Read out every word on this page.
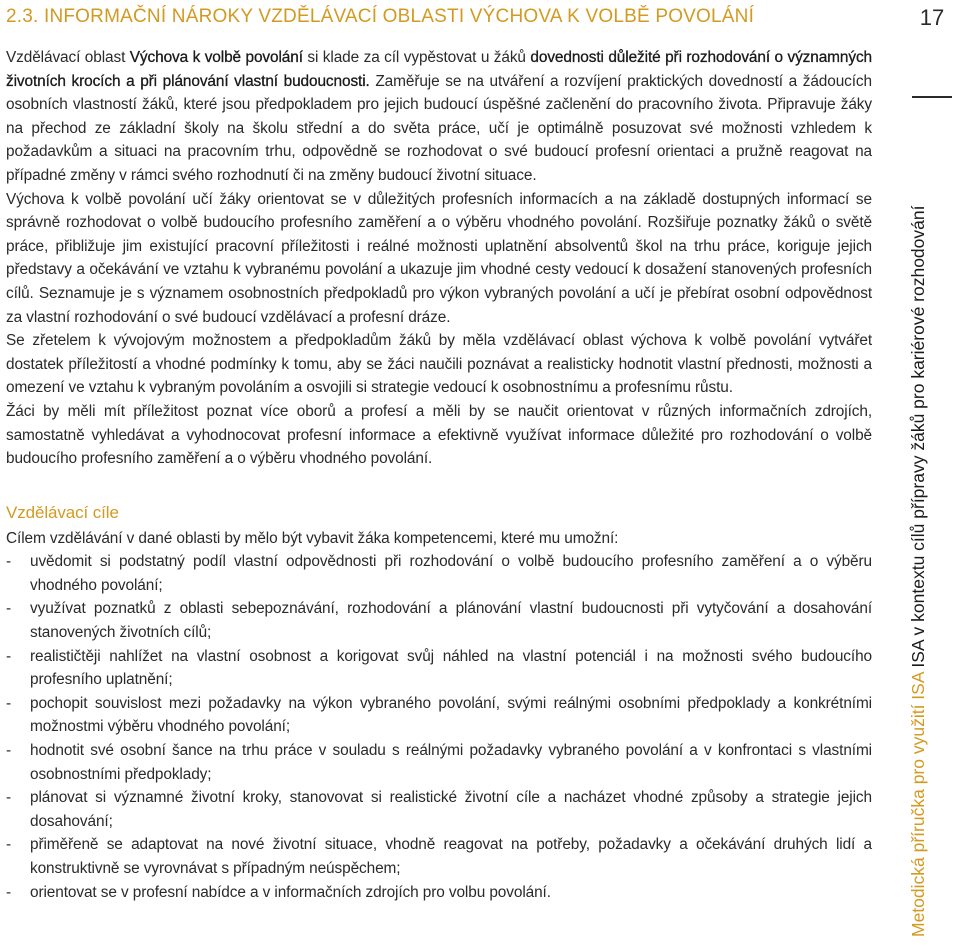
2.3. INFORMAČNÍ NÁROKY VZDĚLÁVACÍ OBLASTI VÝCHOVA K VOLBĚ POVOLÁNÍ

Vzdělávací oblast Výchova k volbě povolání si klade za cíl vypěstovat u žáků dovednosti důležité při rozhodování o významných životních krocích a při plánování vlastní budoucnosti. Zaměřuje se na utváření a rozvíjení praktických dovedností a žádoucích osobních vlastností žáků, které jsou předpokladem pro jejich budoucí úspěšné začlenění do pracovního života. Připravuje žáky na přechod ze základní školy na školu střední a do světa práce, učí je optimálně posuzovat své možnosti vzhledem k požadavkům a situaci na pracovním trhu, odpovědně se rozhodovat o své budoucí profesní orientaci a pružně reagovat na případné změny v rámci svého rozhodnutí či na změny budoucí životní situace.

Výchova k volbě povolání učí žáky orientovat se v důležitých profesních informacích a na základě dostupných informací se správně rozhodovat o volbě budoucího profesního zaměření a o výběru vhodného povolání. Rozšiřuje poznatky žáků o světě práce, přibližuje jim existující pracovní příležitosti i reálné možnosti uplatnění absolventů škol na trhu práce, koriguje jejich představy a očekávání ve vztahu k vybranému povolání a ukazuje jim vhodné cesty vedoucí k dosažení stanovených profesních cílů. Seznamuje je s významem osobnostních předpokladů pro výkon vybraných povolání a učí je přebírat osobní odpovědnost za vlastní rozhodování o své budoucí vzdělávací a profesní dráze.

Se zřetelem k vývojovým možnostem a předpokladům žáků by měla vzdělávací oblast výchova k volbě povolání vytvářet dostatek příležitostí a vhodné podmínky k tomu, aby se žáci naučili poznávat a realisticky hodnotit vlastní přednosti, možnosti a omezení ve vztahu k vybraným povoláním a osvojili si strategie vedoucí k osobnostnímu a profesnímu růstu.

Žáci by měli mít příležitost poznat více oborů a profesí a měli by se naučit orientovat v různých informačních zdrojích, samostatně vyhledávat a vyhodnocovat profesní informace a efektivně využívat informace důležité pro rozhodování o volbě budoucího profesního zaměření a o výběru vhodného povolání.

Vzdělávací cíle

Cílem vzdělávání v dané oblasti by mělo být vybavit žáka kompetencemi, které mu umožní:

- uvědomit si podstatný podíl vlastní odpovědnosti při rozhodování o volbě budoucího profesního zaměření a o výběru vhodného povolání;
- využívat poznatků z oblasti sebepoznávání, rozhodování a plánování vlastní budoucnosti při vytyčování a dosahování stanovených životních cílů;
- realističtěji nahlížet na vlastní osobnost a korigovat svůj náhled na vlastní potenciál i na možnosti svého budoucího profesního uplatnění;
- pochopit souvislost mezi požadavky na výkon vybraného povolání, svými reálnými osobními předpoklady a konkrétními možnostmi výběru vhodného povolání;
- hodnotit své osobní šance na trhu práce v souladu s reálnými požadavky vybraného povolání a v konfrontaci s vlastními osobnostními předpoklady;
- plánovat si významné životní kroky, stanovovat si realistické životní cíle a nacházet vhodné způsoby a strategie jejich dosahování;
- přiměřeně se adaptovat na nové životní situace, vhodně reagovat na potřeby, požadavky a očekávání druhých lidí a konstruktivně se vyrovnávat s případným neúspěchem;
- orientovat se v profesní nabídce a v informačních zdrojích pro volbu povolání.
17
Metodická příručka pro využití ISA ISA v kontextu cílů přípravy žáků pro kariérové rozhodování
